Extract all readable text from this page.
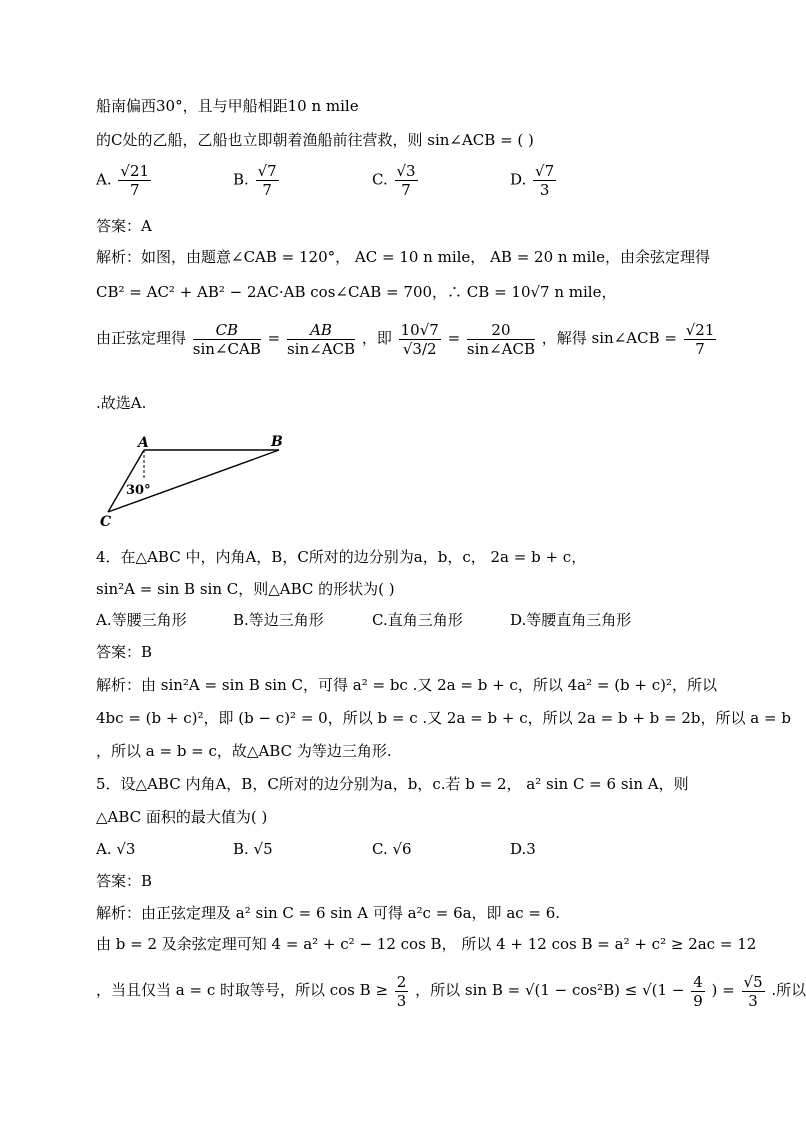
船南偏西30°，且与甲船相距10 n mile
的C处的乙船，乙船也立即朝着渔船前往营救，则 sin∠ACB = ( )
A. $\frac{√21}{7}$	B. $\frac{√7}{7}$	C. $\frac{√3}{7}$	D. $\frac{√7}{3}$
答案：A
解析：如图，由题意∠CAB = 120°， AC = 10 n mile， AB = 20 n mile，由余弦定理得
CB² = AC² + AB² − 2AC·AB cos∠CAB = 700，∴ CB = 10√7 n mile，
由正弦定理得 $\frac{CB}{\text{sin∠CAB}} = \frac{AB}{\text{sin∠ACB}}$ ，即 $\frac{10√7}{√3/2} = \frac{20}{\text{sin∠ACB}}$ ，解得 sin∠ACB = $\frac{√21}{7}$
.故选A.
A	B
C
30°
4．在△ABC 中，内角A，B，C所对的边分别为a，b，c， 2a = b + c，
sin²A = sin B sin C，则△ABC 的形状为( )
A.等腰三角形	B.等边三角形	C.直角三角形	D.等腰直角三角形
答案：B
解析：由 sin²A = sin B sin C，可得 a² = bc .又 2a = b + c，所以 4a² = (b + c)²，所以
4bc = (b + c)²，即 (b − c)² = 0，所以 b = c .又 2a = b + c，所以 2a = b + b = 2b，所以 a = b
，所以 a = b = c，故△ABC 为等边三角形.
5．设△ABC 内角A，B，C所对的边分别为a，b，c.若 b = 2， a² sin C = 6 sin A，则
△ABC 面积的最大值为( )
A. √3	B. √5	C. √6	D.3
答案：B
解析：由正弦定理及 a² sin C = 6 sin A 可得 a²c = 6a，即 ac = 6.
由 b = 2 及余弦定理可知 4 = a² + c² − 12 cos B， 所以 4 + 12 cos B = a² + c² ≥ 2ac = 12
，当且仅当 a = c 时取等号，所以 $\cos B \ge \frac{2}{3}$ ，所以 $\sin B = √(1 - \cos^2B) \le √(1 - \frac{4}{9}$ ) = $\frac{√5}{3}$ .所以
